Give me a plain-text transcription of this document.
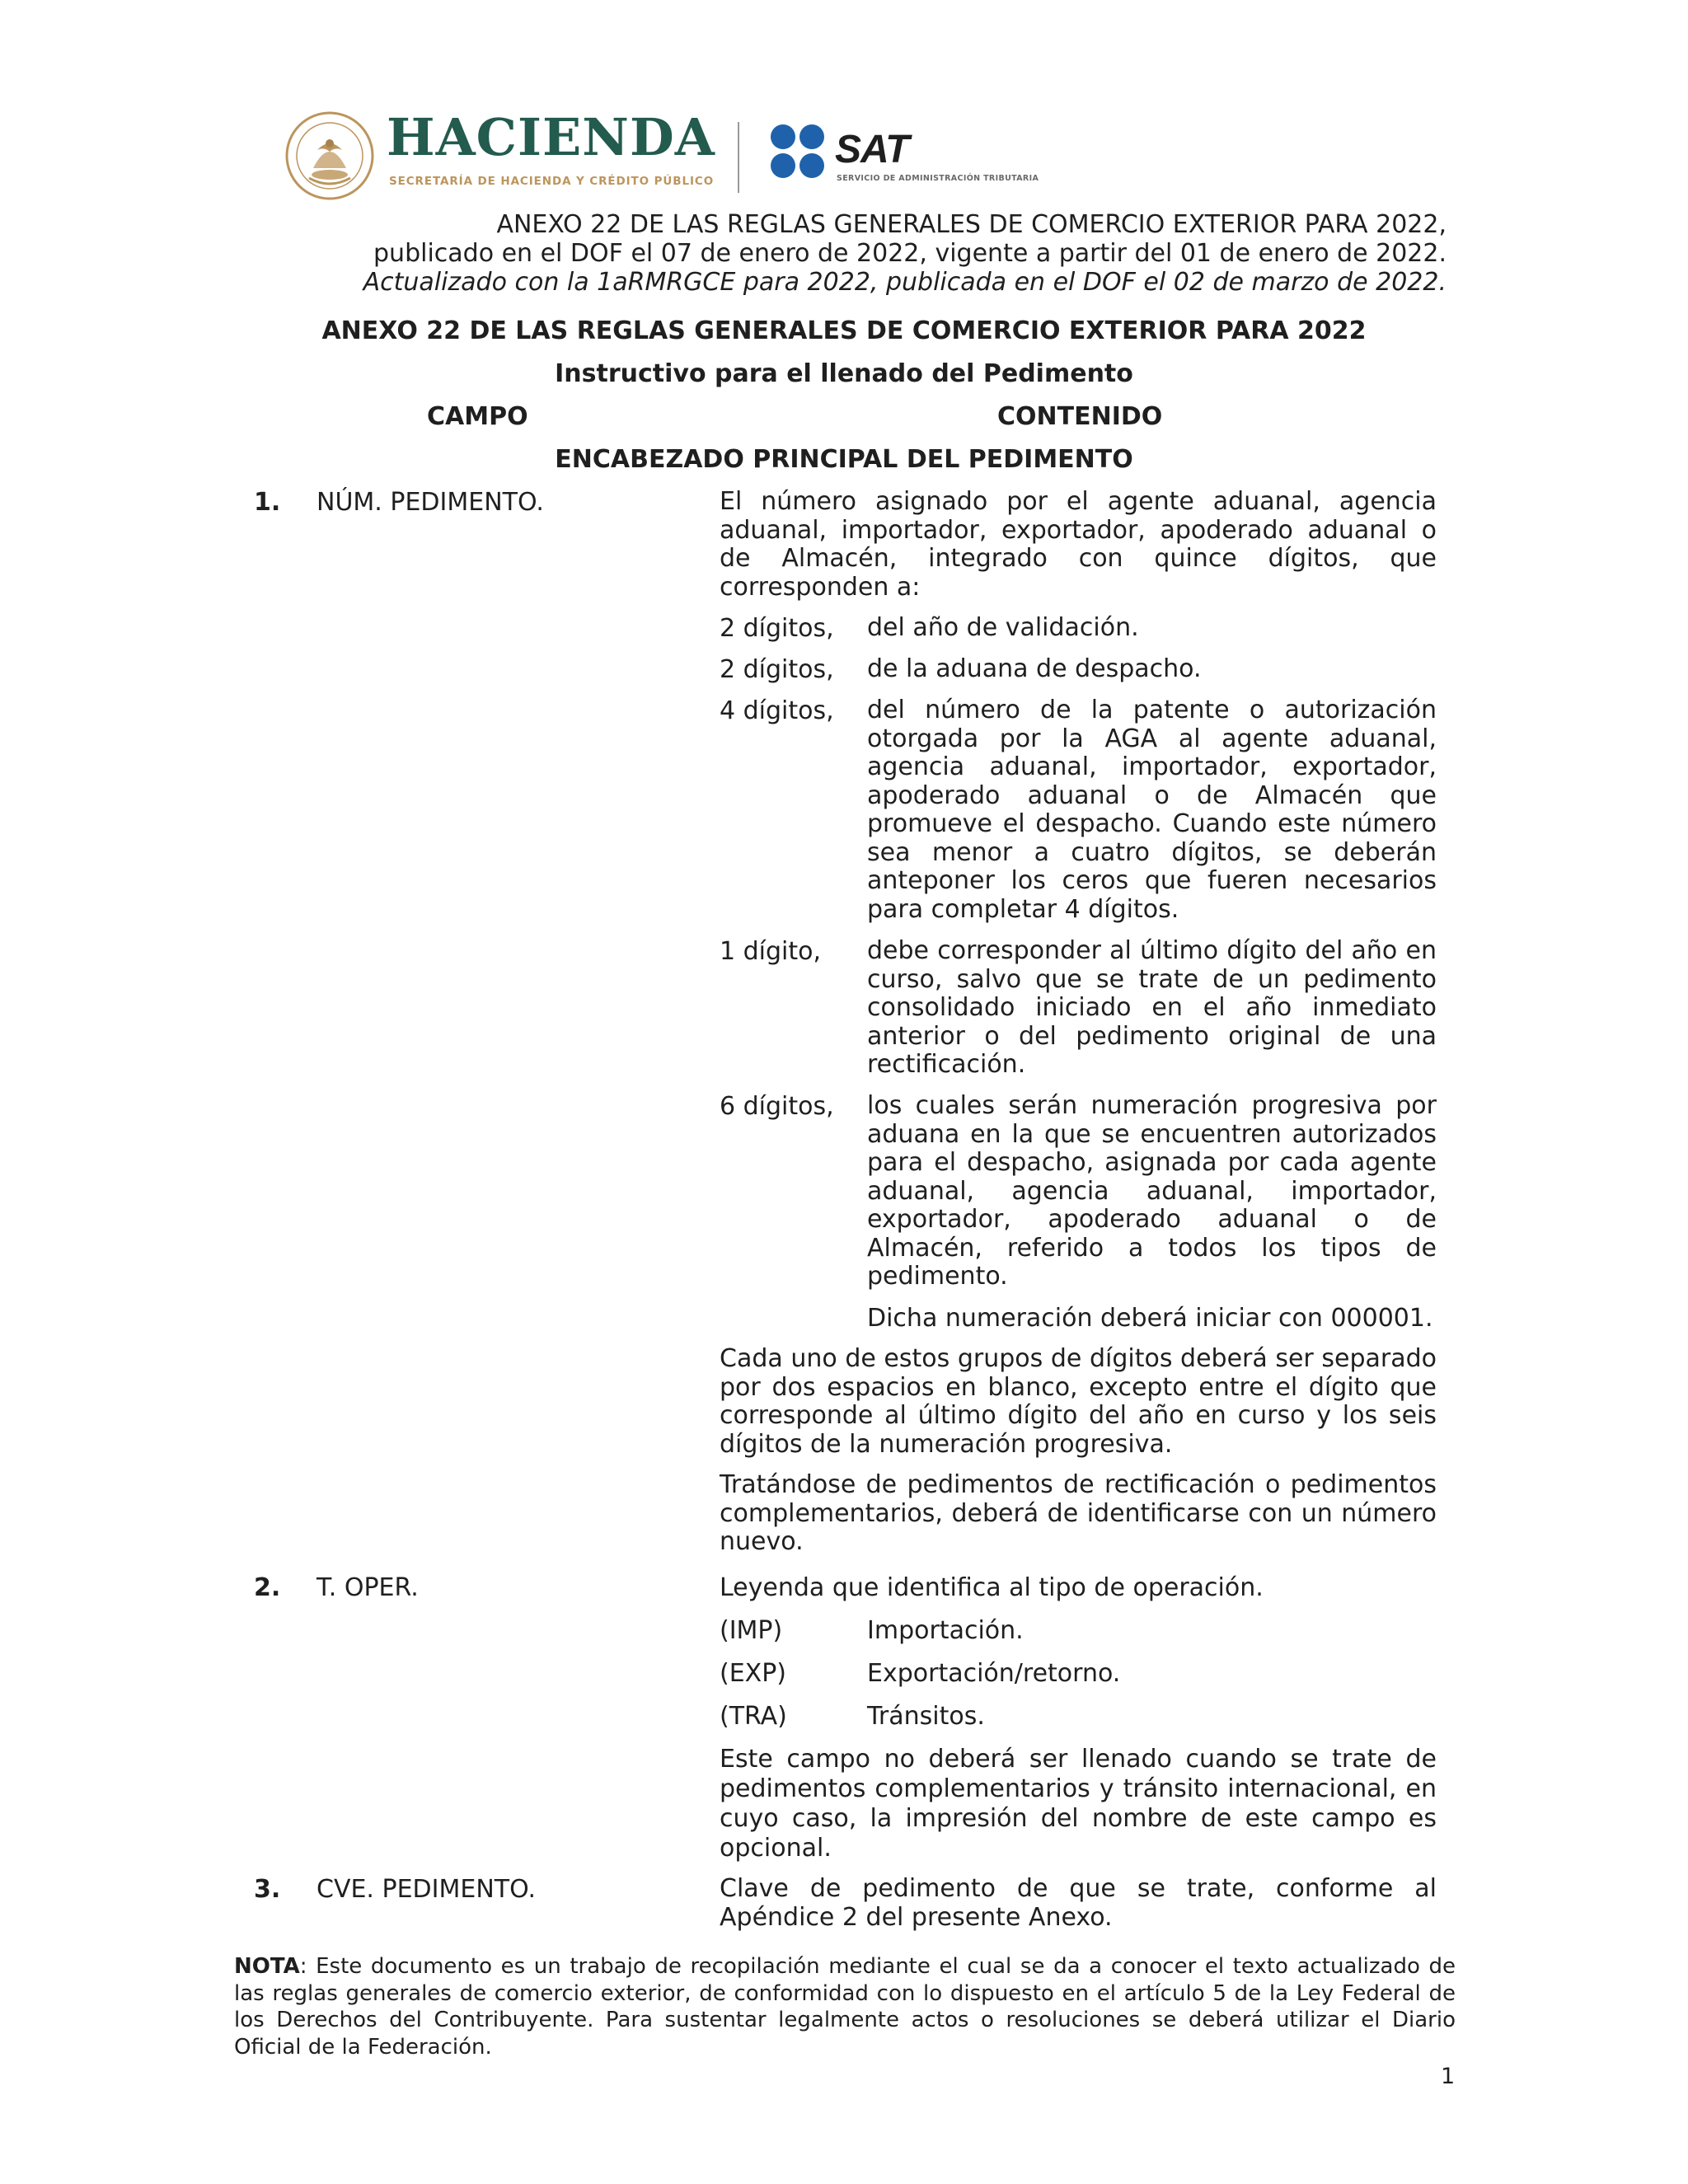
HACIENDA
SECRETARÍA DE HACIENDA Y CRÉDITO PÚBLICO
SAT
SERVICIO DE ADMINISTRACIÓN TRIBUTARIA
ANEXO 22 DE LAS REGLAS GENERALES DE COMERCIO EXTERIOR PARA 2022,
publicado en el DOF el 07 de enero de 2022, vigente a partir del 01 de enero de 2022.
Actualizado con la 1aRMRGCE para 2022, publicada en el DOF el 02 de marzo de 2022.
ANEXO 22 DE LAS REGLAS GENERALES DE COMERCIO EXTERIOR PARA 2022
Instructivo para el llenado del Pedimento
CAMPO	CONTENIDO
ENCABEZADO PRINCIPAL DEL PEDIMENTO
1. NÚM. PEDIMENTO.	El número asignado por el agente aduanal, agencia aduanal, importador, exportador, apoderado aduanal o de Almacén, integrado con quince dígitos, que corresponden a:
2 dígitos, del año de validación.
2 dígitos, de la aduana de despacho.
4 dígitos, del número de la patente o autorización otorgada por la AGA al agente aduanal, agencia aduanal, importador, exportador, apoderado aduanal o de Almacén que promueve el despacho. Cuando este número sea menor a cuatro dígitos, se deberán anteponer los ceros que fueren necesarios para completar 4 dígitos.
1 dígito, debe corresponder al último dígito del año en curso, salvo que se trate de un pedimento consolidado iniciado en el año inmediato anterior o del pedimento original de una rectificación.
6 dígitos, los cuales serán numeración progresiva por aduana en la que se encuentren autorizados para el despacho, asignada por cada agente aduanal, agencia aduanal, importador, exportador, apoderado aduanal o de Almacén, referido a todos los tipos de pedimento.
Dicha numeración deberá iniciar con 000001.
Cada uno de estos grupos de dígitos deberá ser separado por dos espacios en blanco, excepto entre el dígito que corresponde al último dígito del año en curso y los seis dígitos de la numeración progresiva.
Tratándose de pedimentos de rectificación o pedimentos complementarios, deberá de identificarse con un número nuevo.
2. T. OPER.	Leyenda que identifica al tipo de operación.
(IMP)	Importación.
(EXP)	Exportación/retorno.
(TRA)	Tránsitos.
Este campo no deberá ser llenado cuando se trate de pedimentos complementarios y tránsito internacional, en cuyo caso, la impresión del nombre de este campo es opcional.
3. CVE. PEDIMENTO.	Clave de pedimento de que se trate, conforme al Apéndice 2 del presente Anexo.
NOTA: Este documento es un trabajo de recopilación mediante el cual se da a conocer el texto actualizado de las reglas generales de comercio exterior, de conformidad con lo dispuesto en el artículo 5 de la Ley Federal de los Derechos del Contribuyente. Para sustentar legalmente actos o resoluciones se deberá utilizar el Diario Oficial de la Federación.
1
